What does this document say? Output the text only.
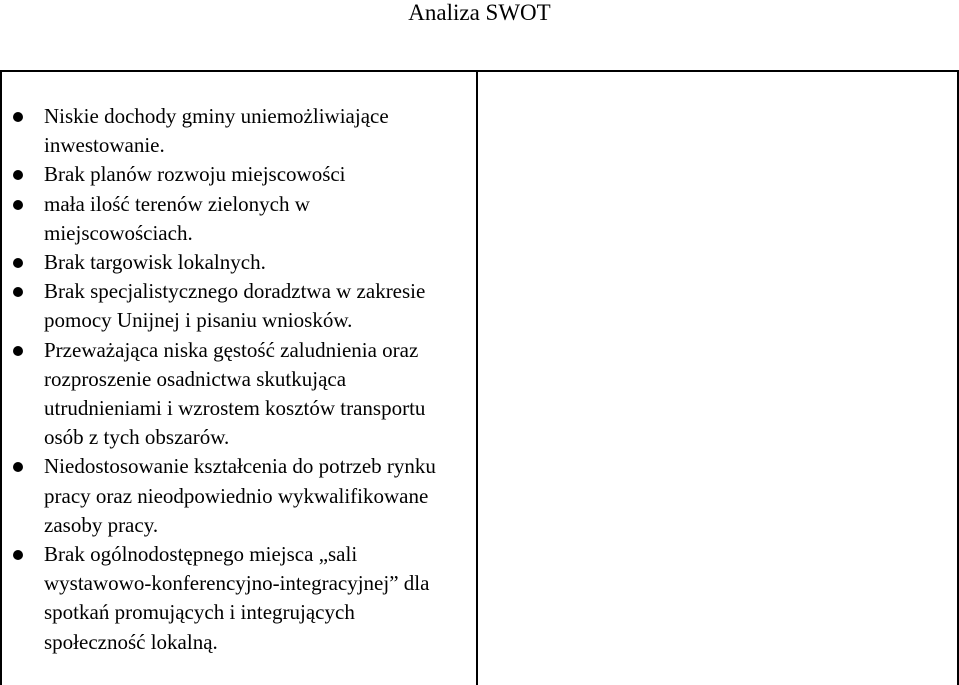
Analiza SWOT
Niskie dochody gminy uniemożliwiające inwestowanie.
Brak planów rozwoju miejscowości
mała ilość terenów zielonych w miejscowościach.
Brak targowisk lokalnych.
Brak specjalistycznego doradztwa w zakresie pomocy Unijnej i pisaniu wniosków.
Przeważająca niska gęstość zaludnienia oraz rozproszenie osadnictwa skutkująca utrudnieniami i wzrostem kosztów transportu osób z tych obszarów.
Niedostosowanie kształcenia do potrzeb rynku pracy oraz nieodpowiednio wykwalifikowane zasoby pracy.
Brak ogólnodostępnego miejsca „sali wystawowo-konferencyjno-integracyjnej” dla spotkań promujących i integrujących społeczność lokalną.
